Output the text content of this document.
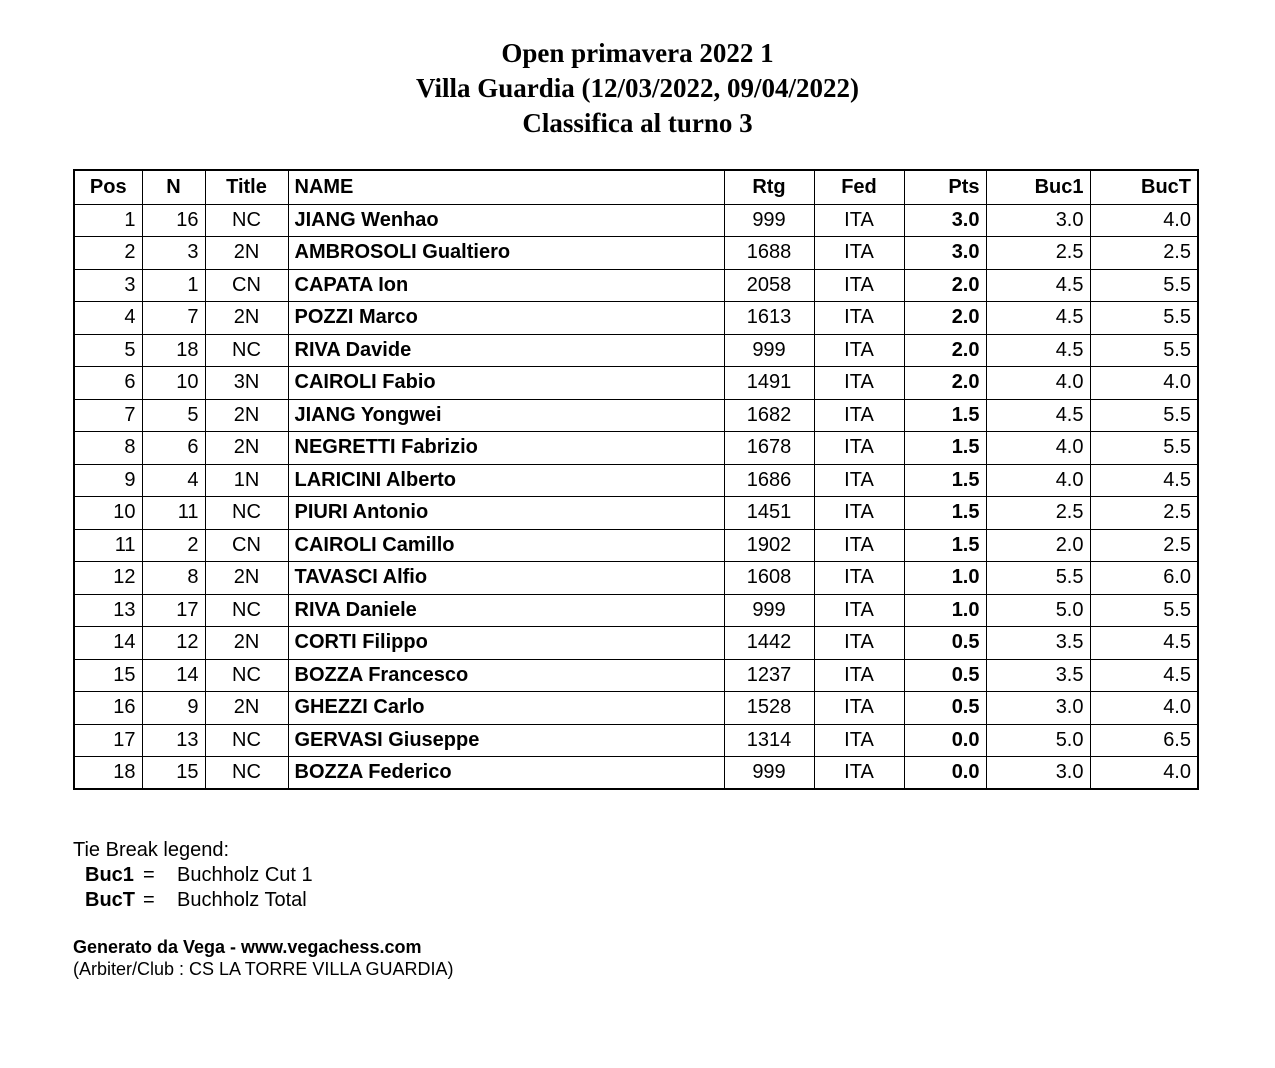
Open primavera 2022 1
Villa Guardia (12/03/2022, 09/04/2022)
Classifica al turno 3
Pos	N	Title	NAME	Rtg	Fed	Pts	Buc1	BucT
1	16	NC	JIANG Wenhao	999	ITA	3.0	3.0	4.0
2	3	2N	AMBROSOLI Gualtiero	1688	ITA	3.0	2.5	2.5
3	1	CN	CAPATA Ion	2058	ITA	2.0	4.5	5.5
4	7	2N	POZZI Marco	1613	ITA	2.0	4.5	5.5
5	18	NC	RIVA Davide	999	ITA	2.0	4.5	5.5
6	10	3N	CAIROLI Fabio	1491	ITA	2.0	4.0	4.0
7	5	2N	JIANG Yongwei	1682	ITA	1.5	4.5	5.5
8	6	2N	NEGRETTI Fabrizio	1678	ITA	1.5	4.0	5.5
9	4	1N	LARICINI Alberto	1686	ITA	1.5	4.0	4.5
10	11	NC	PIURI Antonio	1451	ITA	1.5	2.5	2.5
11	2	CN	CAIROLI Camillo	1902	ITA	1.5	2.0	2.5
12	8	2N	TAVASCI Alfio	1608	ITA	1.0	5.5	6.0
13	17	NC	RIVA Daniele	999	ITA	1.0	5.0	5.5
14	12	2N	CORTI Filippo	1442	ITA	0.5	3.5	4.5
15	14	NC	BOZZA Francesco	1237	ITA	0.5	3.5	4.5
16	9	2N	GHEZZI Carlo	1528	ITA	0.5	3.0	4.0
17	13	NC	GERVASI Giuseppe	1314	ITA	0.0	5.0	6.5
18	15	NC	BOZZA Federico	999	ITA	0.0	3.0	4.0
Tie Break legend:
Buc1 = Buchholz Cut 1
BucT = Buchholz Total
Generato da Vega - www.vegachess.com
(Arbiter/Club : CS LA TORRE VILLA GUARDIA)
